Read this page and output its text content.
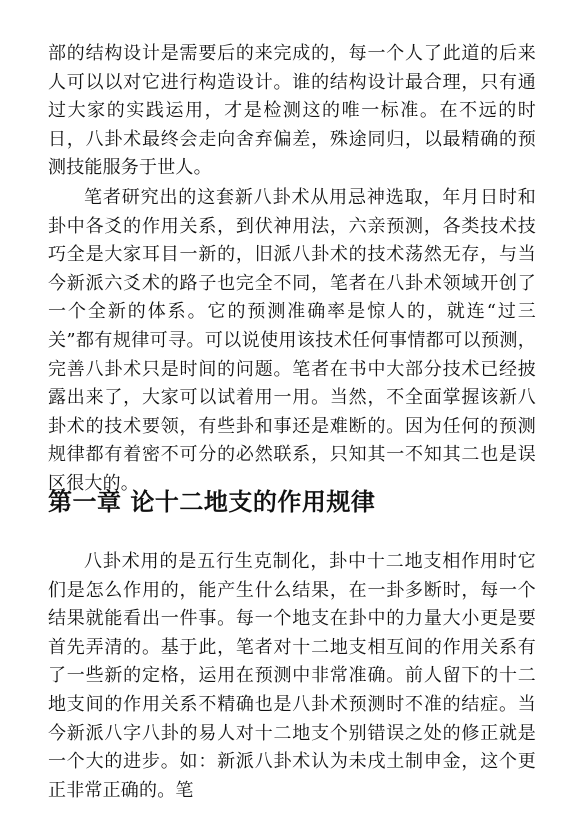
部的结构设计是需要后的来完成的，每一个人了此道的后来人可以以对它进行构造设计。谁的结构设计最合理，只有通过大家的实践运用，才是检测这的唯一标准。在不远的时日，八卦术最终会走向舍弃偏差，殊途同归，以最精确的预测技能服务于世人。

笔者研究出的这套新八卦术从用忌神选取，年月日时和卦中各爻的作用关系，到伏神用法，六亲预测，各类技术技巧全是大家耳目一新的，旧派八卦术的技术荡然无存，与当今新派六爻术的路子也完全不同，笔者在八卦术领域开创了一个全新的体系。它的预测准确率是惊人的，就连“过三关”都有规律可寻。可以说使用该技术任何事情都可以预测，完善八卦术只是时间的问题。笔者在书中大部分技术已经披露出来了，大家可以试着用一用。当然，不全面掌握该新八卦术的技术要领，有些卦和事还是难断的。因为任何的预测规律都有着密不可分的必然联系，只知其一不知其二也是误区很大的。

第一章 论十二地支的作用规律

八卦术用的是五行生克制化，卦中十二地支相作用时它们是怎么作用的，能产生什么结果，在一卦多断时，每一个结果就能看出一件事。每一个地支在卦中的力量大小更是要首先弄清的。基于此，笔者对十二地支相互间的作用关系有了一些新的定格，运用在预测中非常准确。前人留下的十二地支间的作用关系不精确也是八卦术预测时不准的结症。当今新派八字八卦的易人对十二地支个别错误之处的修正就是一个大的进步。如：新派八卦术认为未戌土制申金，这个更正非常正确的。笔
